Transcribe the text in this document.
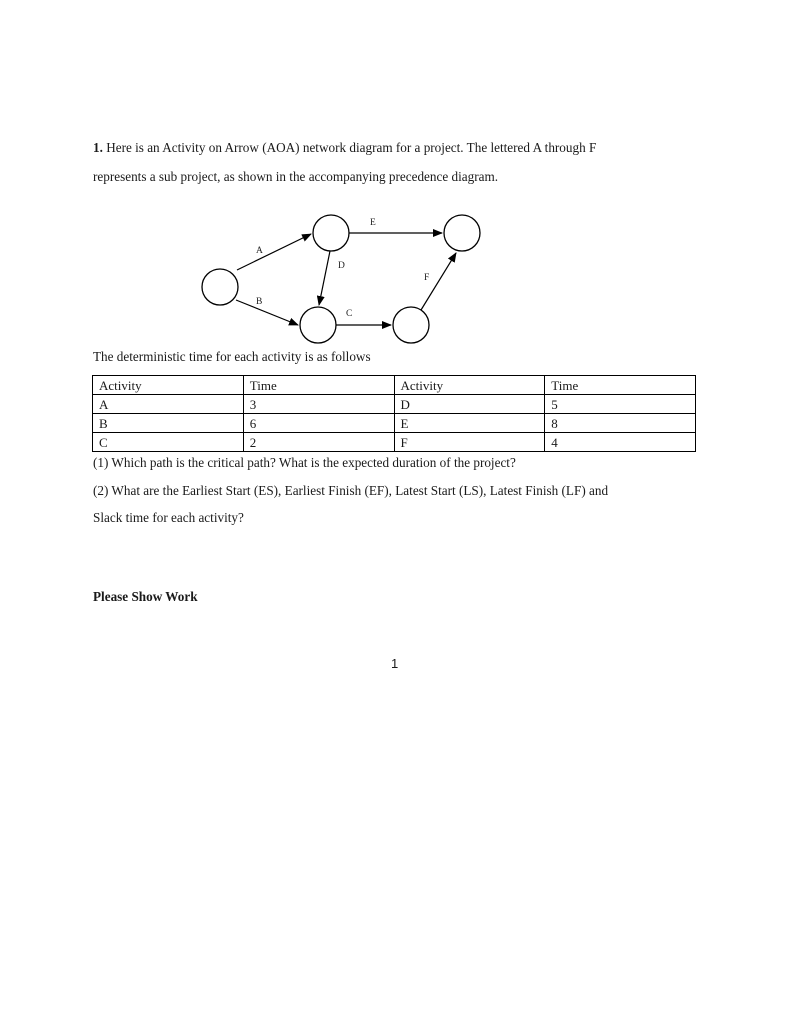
1. Here is an Activity on Arrow (AOA) network diagram for a project. The lettered A through F
represents a sub project, as shown in the accompanying precedence diagram.
A
B
C
D
E
F
The deterministic time for each activity is as follows
Activity	Time	Activity	Time
A	3	D	5
B	6	E	8
C	2	F	4
(1) Which path is the critical path? What is the expected duration of the project?
(2) What are the Earliest Start (ES), Earliest Finish (EF), Latest Start (LS), Latest Finish (LF) and
Slack time for each activity?
Please Show Work
1
